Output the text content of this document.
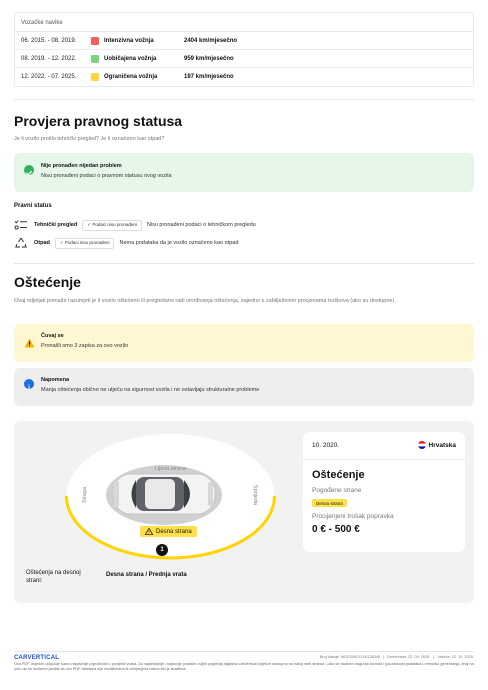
Vozačke navike
06. 2015. - 08. 2019.	Intenzivna vožnja	2404 km/mjesečno
08. 2019. - 12. 2022.	Uobičajena vožnja	959 km/mjesečno
12. 2022. - 07. 2025.	Ograničena vožnja	197 km/mjesečno
Provjera pravnog statusa
Je li vozilo prošlo tehnički pregled? Je li označeno kao otpad?
Nije pronađen nijedan problem
Nisu pronađeni podaci o pravnom statusu ovog vozila
Pravni status
Tehnički pregled	✓ Podaci nisu pronađeni	Nisu pronađeni podaci o tehničkom pregledu
Otpad	✓ Podaci nisu pronađeni	Nema podataka da je vozilo označeno kao otpad
Oštećenje
Ovaj odjeljak pomaže razumjeti je li vozilo oštećeno ili pregledano radi utvrđivanja oštećenja, zajedno s zabilježenim procjenama troškova (ako su dostupne).
Čuvaj se
Pronašli smo 3 zapisa za ovo vozilo
Napomena
Manja oštećenja obično ne utječu na sigurnost vozila i ne ostavljaju strukturalne probleme
Lijeva strana
Straga	Sprijeda
Desna strana
1
10. 2020.	Hrvatska
Oštećenje
Pogođene strane
Desna strana
Procijenjeni trošak popravka
0 € - 500 €
Oštećenja na desnoj strani:
Desna strana / Prednja vrata
CARVERTICAL	Broj časnje: WDD2462121N138345 | Generirano: 22. 09. 2025. | Važeće: 22. 10. 2025.
Ovo PDF izvješće uključuje samo najvažnije pojedinosti o povijesti vozila. Za najdetaljnije i najnovije podatke uvijek pogledaj digitalno carVertical izvješće dostupno na našoj web stranici. Lako se trudimo osigurati točnost i pouzdanost podataka u trenutku generiranja, imaj na umu da ne možemo jamčiti da ovo PDF datoteka nije modificirana ili izmijenjena nakon što je izrađena.
